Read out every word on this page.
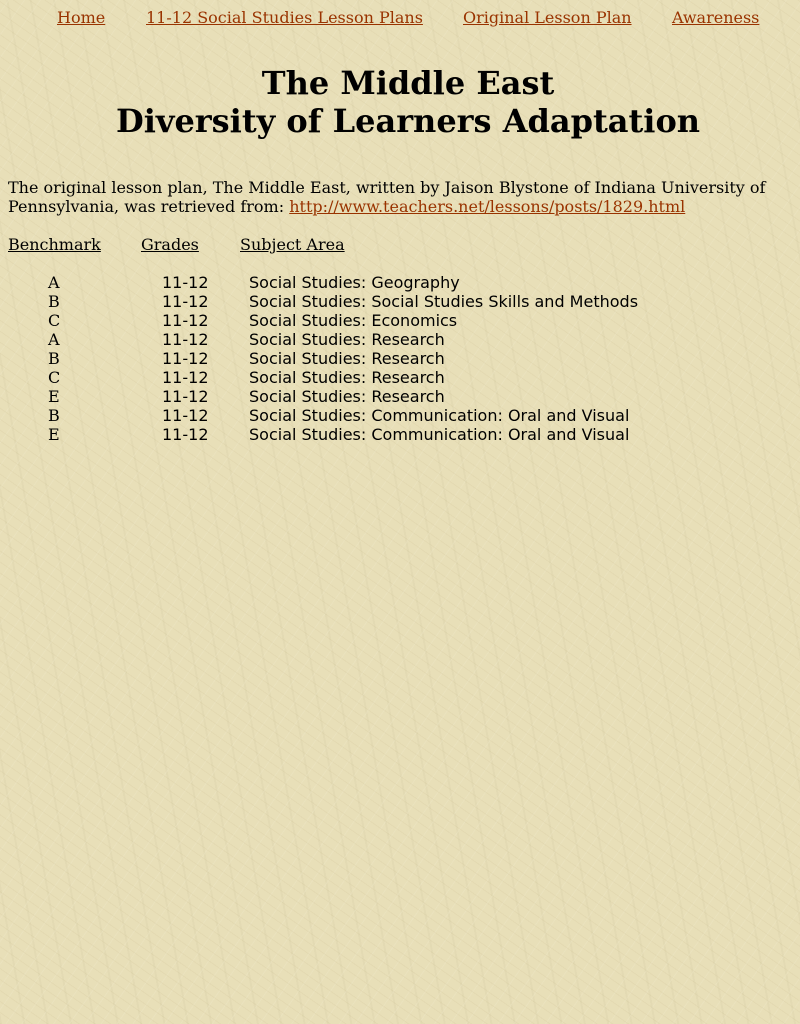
Home	11-12 Social Studies Lesson Plans	Original Lesson Plan	Awareness
The Middle East
Diversity of Learners Adaptation

The original lesson plan, The Middle East, written by Jaison Blystone of Indiana University of Pennsylvania, was retrieved from: http://www.teachers.net/lessons/posts/1829.html

Benchmark	Grades	Subject Area
A	11-12	Social Studies: Geography
B	11-12	Social Studies: Social Studies Skills and Methods
C	11-12	Social Studies: Economics
A	11-12	Social Studies: Research
B	11-12	Social Studies: Research
C	11-12	Social Studies: Research
E	11-12	Social Studies: Research
B	11-12	Social Studies: Communication: Oral and Visual
E	11-12	Social Studies: Communication: Oral and Visual
